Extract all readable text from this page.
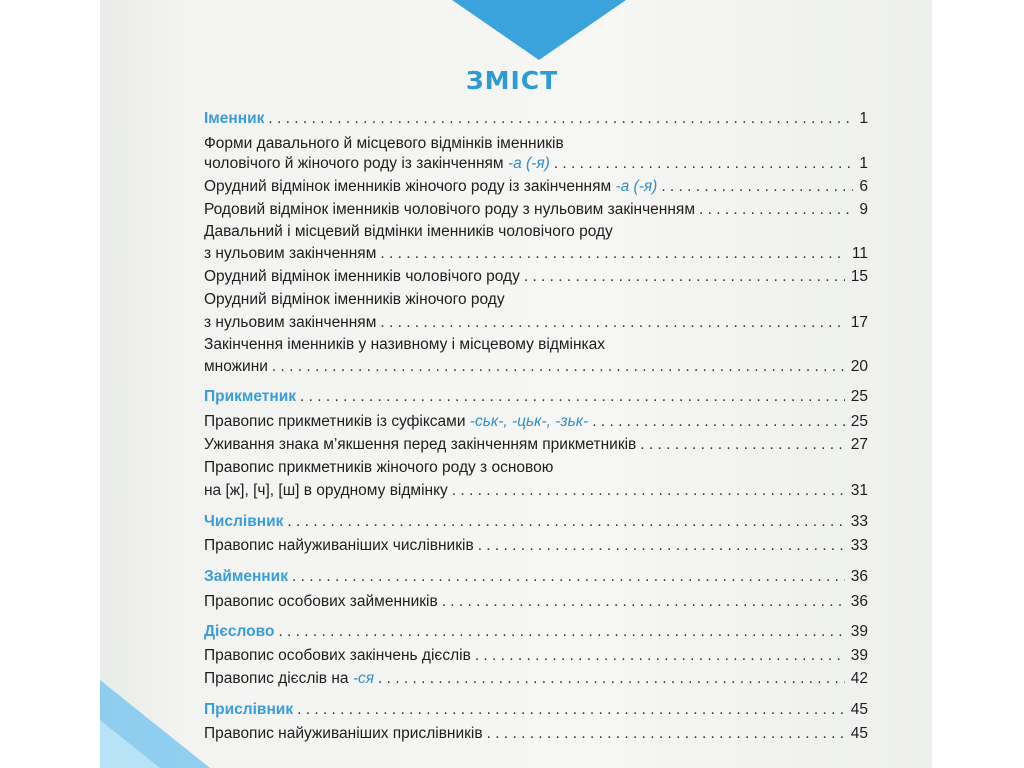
ЗМІСТ
Іменник . . .	1
Форми давального й місцевого відмінків іменників
чоловічого й жіночого роду із закінченням -а (-я) . . .	1
Орудний відмінок іменників жіночого роду із закінченням -а (-я) . . .	6
Родовий відмінок іменників чоловічого роду з нульовим закінченням . . .	9
Давальний і місцевий відмінки іменників чоловічого роду
з нульовим закінченням . . .	11
Орудний відмінок іменників чоловічого роду . . .	15
Орудний відмінок іменників жіночого роду
з нульовим закінченням . . .	17
Закінчення іменників у називному і місцевому відмінках
множини . . .	20
Прикметник . . .	25
Правопис прикметників із суфіксами -ськ-, -цьк-, -зьк- . . .	25
Уживання знака м’якшення перед закінченням прикметників . . .	27
Правопис прикметників жіночого роду з основою
на [ж], [ч], [ш] в орудному відмінку . . .	31
Числівник . . .	33
Правопис найуживаніших числівників . . .	33
Займенник . . .	36
Правопис особових займенників . . .	36
Дієслово . . .	39
Правопис особових закінчень дієслів . . .	39
Правопис дієслів на -ся . . .	42
Прислівник . . .	45
Правопис найуживаніших прислівників . . .	45
